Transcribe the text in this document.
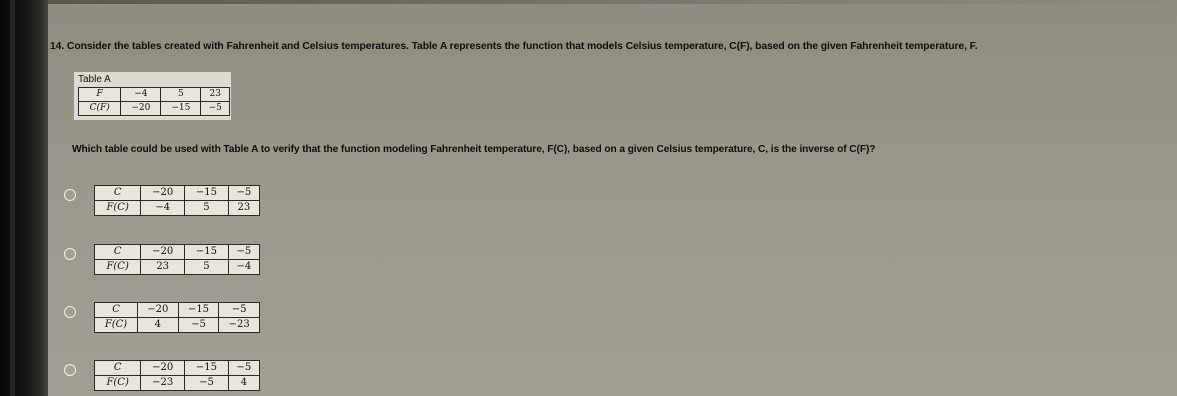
14. Consider the tables created with Fahrenheit and Celsius temperatures. Table A represents the function that models Celsius temperature, C(F), based on the given Fahrenheit temperature, F.
Table A
F	−4	5	23
C(F)	−20	−15	−5
Which table could be used with Table A to verify that the function modeling Fahrenheit temperature, F(C), based on a given Celsius temperature, C, is the inverse of C(F)?
C	−20	−15	−5
F(C)	−4	5	23
C	−20	−15	−5
F(C)	23	5	−4
C	−20	−15	−5
F(C)	4	−5	−23
C	−20	−15	−5
F(C)	−23	−5	4
